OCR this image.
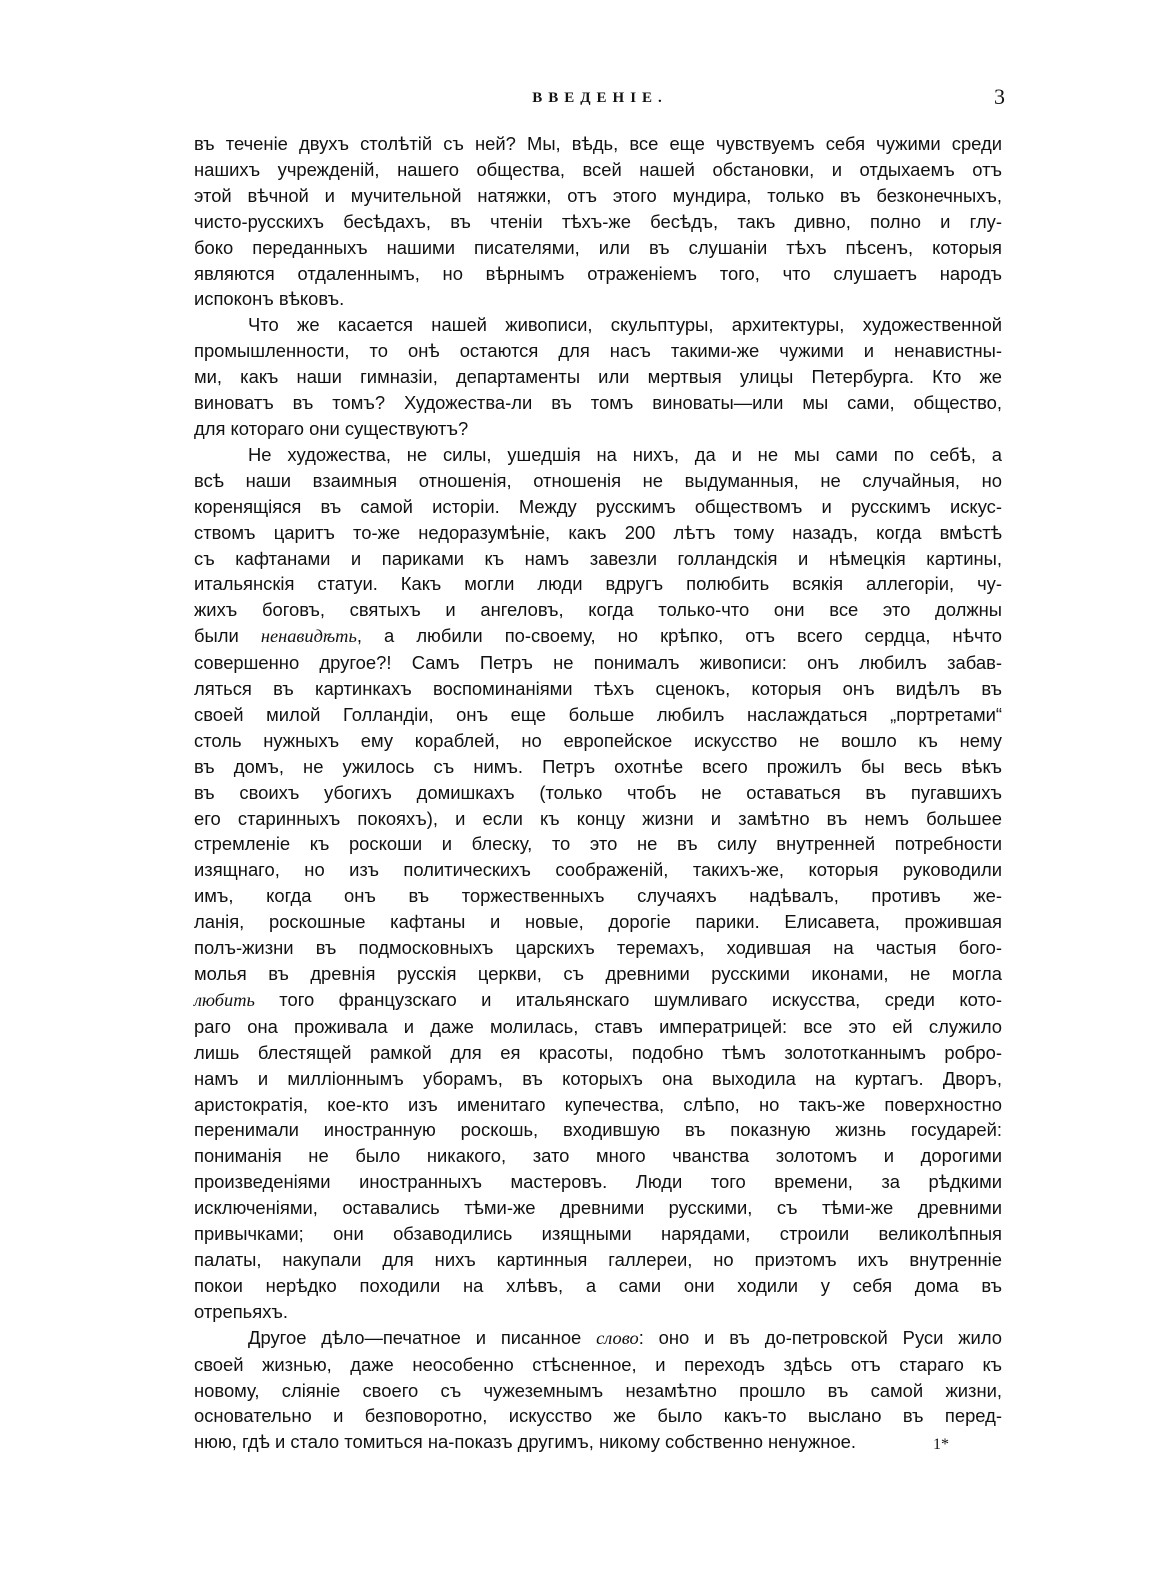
ВВЕДЕНIЕ.	3

въ теченіе двухъ столѣтій съ ней? Мы, вѣдь, все еще чувствуемъ себя чужими среди
нашихъ учрежденій, нашего общества, всей нашей обстановки, и отдыхаемъ отъ
этой вѣчной и мучительной натяжки, отъ этого мундира, только въ безконечныхъ,
чисто-русскихъ бесѣдахъ, въ чтеніи тѣхъ-же бесѣдъ, такъ дивно, полно и глу-
боко переданныхъ нашими писателями, или въ слушаніи тѣхъ пѣсенъ, которыя
являются отдаленнымъ, но вѣрнымъ отраженіемъ того, что слушаетъ народъ
испоконъ вѣковъ.

Что же касается нашей живописи, скульптуры, архитектуры, художественной
промышленности, то онѣ остаются для насъ такими-же чужими и ненавистны-
ми, какъ наши гимназіи, департаменты или мертвыя улицы Петербурга. Кто же
виноватъ въ томъ? Художества-ли въ томъ виноваты—или мы сами, общество,
для котораго они существуютъ?

Не художества, не силы, ушедшія на нихъ, да и не мы сами по себѣ, а
всѣ наши взаимныя отношенія, отношенія не выдуманныя, не случайныя, но
коренящіяся въ самой исторіи. Между русскимъ обществомъ и русскимъ искус-
ствомъ царитъ то-же недоразумѣніе, какъ 200 лѣтъ тому назадъ, когда вмѣстѣ
съ кафтанами и париками къ намъ завезли голландскія и нѣмецкія картины,
итальянскія статуи. Какъ могли люди вдругъ полюбить всякія аллегоріи, чу-
жихъ боговъ, святыхъ и ангеловъ, когда только-что они все это должны
были ненавидѣть, а любили по-своему, но крѣпко, отъ всего сердца, нѣчто
совершенно другое?! Самъ Петръ не понималъ живописи: онъ любилъ забав-
ляться въ картинкахъ воспоминаніями тѣхъ сценокъ, которыя онъ видѣлъ въ
своей милой Голландіи, онъ еще больше любилъ наслаждаться „портретами“
столь нужныхъ ему кораблей, но европейское искусство не вошло къ нему
въ домъ, не ужилось съ нимъ. Петръ охотнѣе всего прожилъ бы весь вѣкъ
въ своихъ убогихъ домишкахъ (только чтобъ не оставаться въ пугавшихъ
его старинныхъ покояхъ), и если къ концу жизни и замѣтно въ немъ большее
стремленіе къ роскоши и блеску, то это не въ силу внутренней потребности
изящнаго, но изъ политическихъ соображеній, такихъ-же, которыя руководили
имъ, когда онъ въ торжественныхъ случаяхъ надѣвалъ, противъ же-
ланія, роскошные кафтаны и новые, дорогіе парики. Елисавета, прожившая
полъ-жизни въ подмосковныхъ царскихъ теремахъ, ходившая на частыя бого-
молья въ древнія русскія церкви, съ древними русскими иконами, не могла
любить того французскаго и итальянскаго шумливаго искусства, среди кото-
раго она проживала и даже молилась, ставъ императрицей: все это ей служило
лишь блестящей рамкой для ея красоты, подобно тѣмъ золототканнымъ робро-
намъ и милліоннымъ уборамъ, въ которыхъ она выходила на куртагъ. Дворъ,
аристократія, кое-кто изъ именитаго купечества, слѣпо, но такъ-же поверхностно
перенимали иностранную роскошь, входившую въ показную жизнь государей:
пониманія не было никакого, зато много чванства золотомъ и дорогими
произведеніями иностранныхъ мастеровъ. Люди того времени, за рѣдкими
исключеніями, оставались тѣми-же древними русскими, съ тѣми-же древними
привычками; они обзаводились изящными нарядами, строили великолѣпныя
палаты, накупали для нихъ картинныя галлереи, но приэтомъ ихъ внутренніе
покои нерѣдко походили на хлѣвъ, а сами они ходили у себя дома въ
отрепьяхъ.

Другое дѣло—печатное и писанное слово: оно и въ до-петровской Руси жило
своей жизнью, даже неособенно стѣсненное, и переходъ здѣсь отъ стараго къ
новому, сліяніе своего съ чужеземнымъ незамѣтно прошло въ самой жизни,
основательно и безповоротно, искусство же было какъ-то выслано въ перед-
нюю, гдѣ и стало томиться на-показъ другимъ, никому собственно ненужное.	1*
